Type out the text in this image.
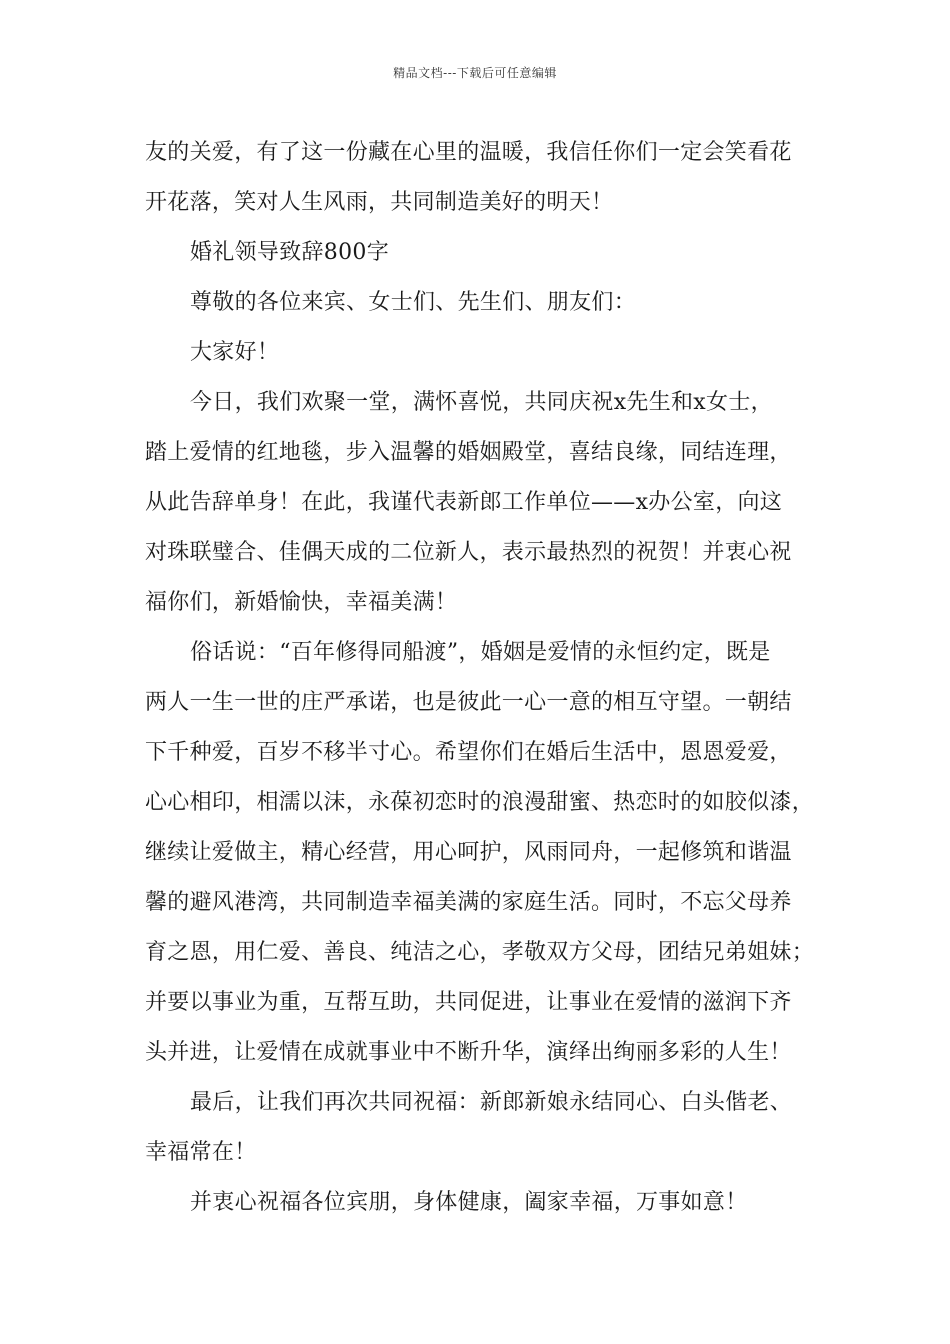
精品文档---下载后可任意编辑
友的关爱，有了这一份藏在心里的温暖，我信任你们一定会笑看花
开花落，笑对人生风雨，共同制造美好的明天！
婚礼领导致辞800字
尊敬的各位来宾、女士们、先生们、朋友们：
大家好！
今日，我们欢聚一堂，满怀喜悦，共同庆祝x先生和x女士，
踏上爱情的红地毯，步入温馨的婚姻殿堂，喜结良缘，同结连理，
从此告辞单身！在此，我谨代表新郎工作单位——x办公室，向这
对珠联璧合、佳偶天成的二位新人，表示最热烈的祝贺！并衷心祝
福你们，新婚愉快，幸福美满！
俗话说：“百年修得同船渡”，婚姻是爱情的永恒约定，既是
两人一生一世的庄严承诺，也是彼此一心一意的相互守望。一朝结
下千种爱，百岁不移半寸心。希望你们在婚后生活中，恩恩爱爱，
心心相印，相濡以沫，永葆初恋时的浪漫甜蜜、热恋时的如胶似漆，
继续让爱做主，精心经营，用心呵护，风雨同舟，一起修筑和谐温
馨的避风港湾，共同制造幸福美满的家庭生活。同时，不忘父母养
育之恩，用仁爱、善良、纯洁之心，孝敬双方父母，团结兄弟姐妹；
并要以事业为重，互帮互助，共同促进，让事业在爱情的滋润下齐
头并进，让爱情在成就事业中不断升华，演绎出绚丽多彩的人生！
最后，让我们再次共同祝福：新郎新娘永结同心、白头偕老、
幸福常在！
并衷心祝福各位宾朋，身体健康，阖家幸福，万事如意！
